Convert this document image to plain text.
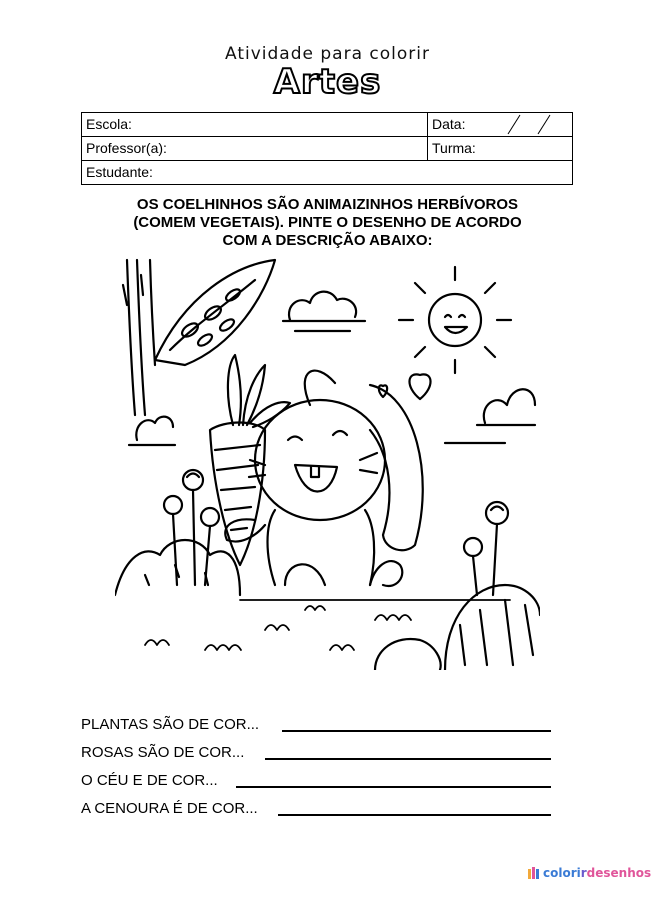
Atividade para colorir
Artes
Escola:	Data:
Professor(a):	Turma:
Estudante:
OS COELHINHOS SÃO ANIMAIZINHOS HERBÍVOROS
(COMEM VEGETAIS). PINTE O DESENHO DE ACORDO
COM A DESCRIÇÃO ABAIXO:
PLANTAS SÃO DE COR...
ROSAS SÃO DE COR...
O CÉU E DE COR...
A CENOURA É DE COR...
colorirdesenhos
